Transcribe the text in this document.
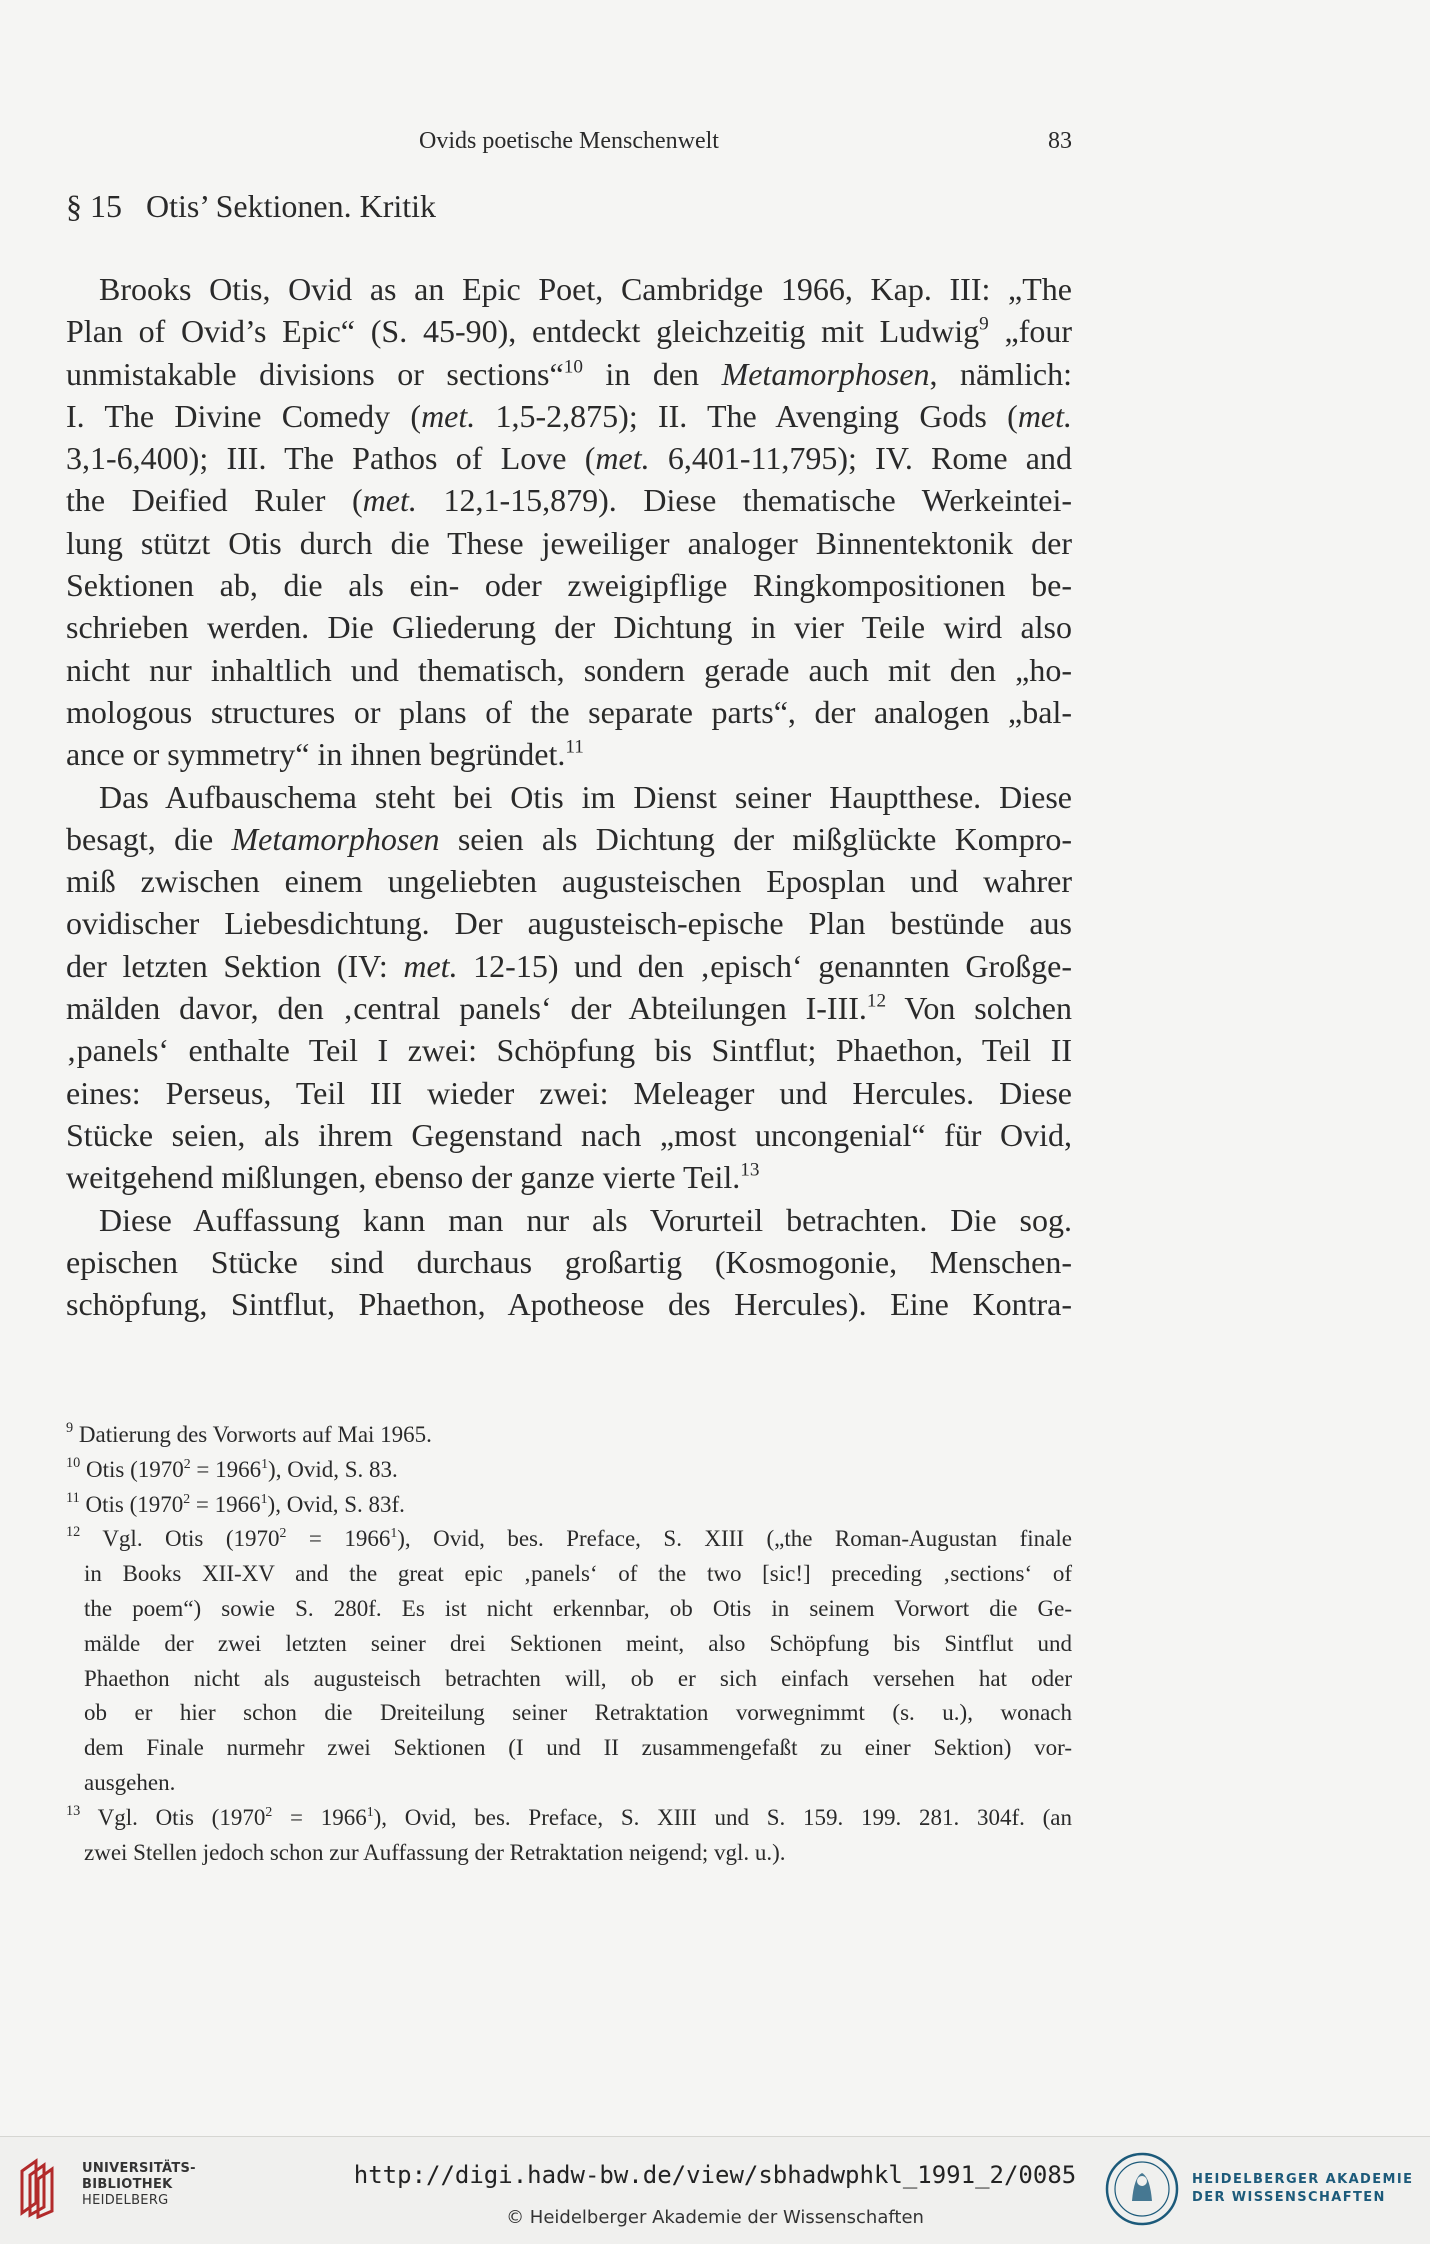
Ovids poetische Menschenwelt	83
§ 15   Otis’ Sektionen. Kritik
Brooks Otis, Ovid as an Epic Poet, Cambridge 1966, Kap. III: „The
Plan of Ovid’s Epic“ (S. 45-90), entdeckt gleichzeitig mit Ludwig$^9$ „four
unmistakable divisions or sections“$^{10}$ in den Metamorphosen, nämlich:
I. The Divine Comedy (met. 1,5-2,875); II. The Avenging Gods (met.
3,1-6,400); III. The Pathos of Love (met. 6,401-11,795); IV. Rome and
the Deified Ruler (met. 12,1-15,879). Diese thematische Werkeintei-
lung stützt Otis durch die These jeweiliger analoger Binnentektonik der
Sektionen ab, die als ein- oder zweigipflige Ringkompositionen be-
schrieben werden. Die Gliederung der Dichtung in vier Teile wird also
nicht nur inhaltlich und thematisch, sondern gerade auch mit den „ho-
mologous structures or plans of the separate parts“, der analogen „bal-
ance or symmetry“ in ihnen begründet.$^{11}$
Das Aufbauschema steht bei Otis im Dienst seiner Hauptthese. Diese
besagt, die Metamorphosen seien als Dichtung der mißglückte Kompro-
miß zwischen einem ungeliebten augusteischen Eposplan und wahrer
ovidischer Liebesdichtung. Der augusteisch-epische Plan bestünde aus
der letzten Sektion (IV: met. 12-15) und den ‚episch‘ genannten Großge-
mälden davor, den ‚central panels‘ der Abteilungen I-III.$^{12}$ Von solchen
‚panels‘ enthalte Teil I zwei: Schöpfung bis Sintflut; Phaethon, Teil II
eines: Perseus, Teil III wieder zwei: Meleager und Hercules. Diese
Stücke seien, als ihrem Gegenstand nach „most uncongenial“ für Ovid,
weitgehend mißlungen, ebenso der ganze vierte Teil.$^{13}$
Diese Auffassung kann man nur als Vorurteil betrachten. Die sog.
epischen Stücke sind durchaus großartig (Kosmogonie, Menschen-
schöpfung, Sintflut, Phaethon, Apotheose des Hercules). Eine Kontra-
$^9$ Datierung des Vorworts auf Mai 1965.
$^{10}$ Otis $(1970^2 = 1966^1)$, Ovid, S. 83.
$^{11}$ Otis $(1970^2 = 1966^1)$, Ovid, S. 83f.
$^{12}$ Vgl. Otis $(1970^2 = 1966^1)$, Ovid, bes. Preface, S. XIII („the Roman-Augustan finale
in Books XII-XV and the great epic ‚panels‘ of the two [sic!] preceding ‚sections‘ of
the poem“) sowie S. 280f. Es ist nicht erkennbar, ob Otis in seinem Vorwort die Ge-
mälde der zwei letzten seiner drei Sektionen meint, also Schöpfung bis Sintflut und
Phaethon nicht als augusteisch betrachten will, ob er sich einfach versehen hat oder
ob er hier schon die Dreiteilung seiner Retraktation vorwegnimmt (s. u.), wonach
dem Finale nurmehr zwei Sektionen (I und II zusammengefaßt zu einer Sektion) vor-
ausgehen.
$^{13}$ Vgl. Otis $(1970^2 = 1966^1)$, Ovid, bes. Preface, S. XIII und S. 159. 199. 281. 304f. (an
zwei Stellen jedoch schon zur Auffassung der Retraktation neigend; vgl. u.).
UNIVERSITÄTS-
BIBLIOTHEK
HEIDELBERG
http://digi.hadw-bw.de/view/sbhadwphkl_1991_2/0085
© Heidelberger Akademie der Wissenschaften
HEIDELBERGER AKADEMIE
DER WISSENSCHAFTEN
